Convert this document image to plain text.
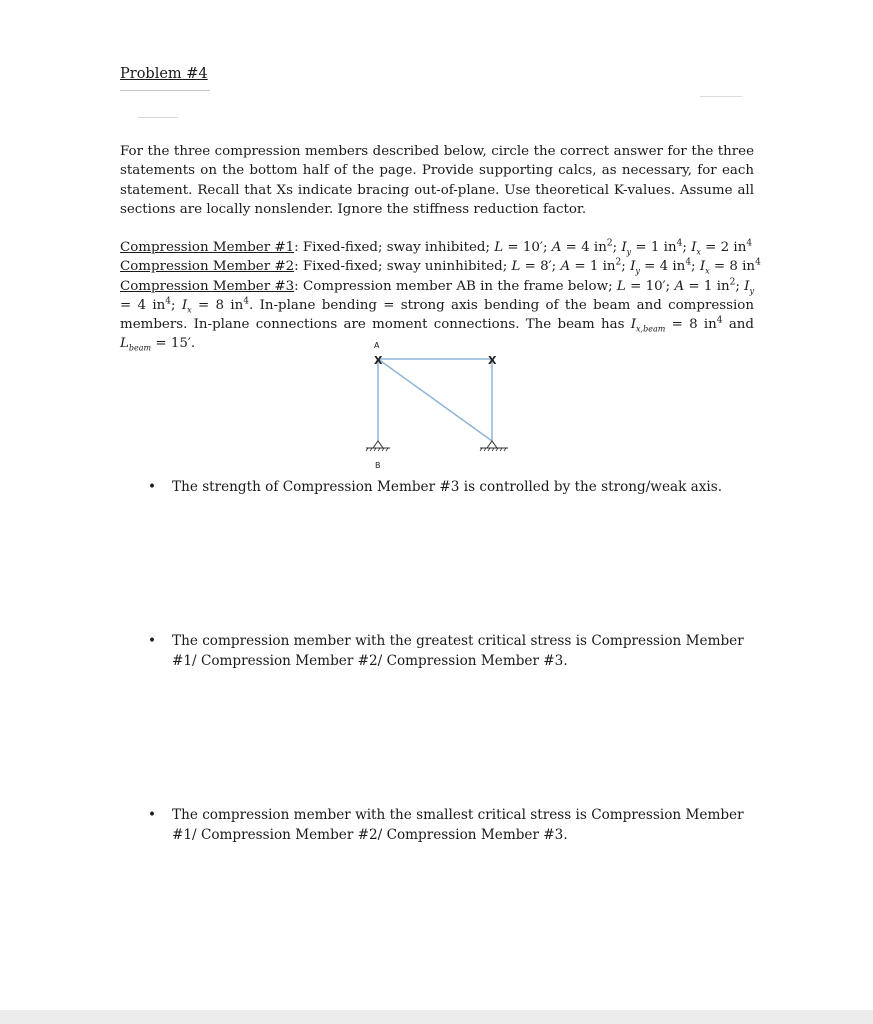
Problem #4

For the three compression members described below, circle the correct answer for the three statements on the bottom half of the page. Provide supporting calcs, as necessary, for each statement. Recall that Xs indicate bracing out-of-plane. Use theoretical K-values. Assume all sections are locally nonslender. Ignore the stiffness reduction factor.

Compression Member #1: Fixed-fixed; sway inhibited; L = 10′; A = 4 $in^2$; $I_y = 1$ $in^4$; $I_x = 2$ $in^4$
Compression Member #2: Fixed-fixed; sway uninhibited; L = 8′; A = 1 $in^2$; $I_y = 4$ $in^4$; $I_x = 8$ $in^4$
Compression Member #3: Compression member AB in the frame below; L = 10′; A = 1 $in^2$; $I_y = 4$ $in^4$; $I_x = 8$ $in^4$. In-plane bending = strong axis bending of the beam and compression members. In-plane connections are moment connections. The beam has $I_{x,beam} = 8$ $in^4$ and $L_{beam} = 15'$.	A
X	X
B
• The strength of Compression Member #3 is controlled by the strong/weak axis.
• The compression member with the greatest critical stress is Compression Member #1/ Compression Member #2/ Compression Member #3.
• The compression member with the smallest critical stress is Compression Member #1/ Compression Member #2/ Compression Member #3.
